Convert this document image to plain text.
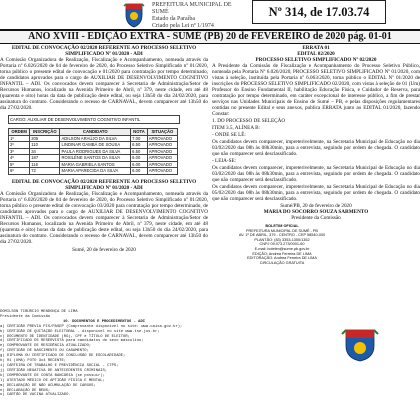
PREFEITURA MUNICIPAL DE SUMÉ
Estado da Paraíba
Criado pela Lei nº 1/1974
Nº 314, de 17.03.74
ANO XVIII - EDIÇÃO EXTRA - SUMÉ (PB) 20 de FEVEREIRO de 2020 pág. 01-01
EDITAL DE CONVOCAÇÃO 02/2020 REFERENTE AO PROCESSO SELETIVO SIMPLIFICADO Nº 01/2020 - ADI

A Comissão Organizadora de Realização, Fiscalização e Acompanhamento, nomeada através da Portaria nº 6.026/2020 de 04 de fevereiro de 2020, do Processo Seletivo Simplificado nº 01/2020, torna público o presente edital de convocação e 01/2020 para contratação por tempo determinado, de candidatos aprovados para o cargo de AUXILIAR DE DESENVOLVIMENTO COGNITIVO INFANTIL – ADI. Os convocados devem comparecer à Secretaria de Administração/Setor de Recursos Humanos, localizado na Avenida Primeiro de Abril, nº 379, neste cidade, em até 48 (quarenta e oito) horas da data de publicação deste edital, ou seja 13h50 do dia 24/02/2020, para assinatura do contrato. Considerando o recesso de CARNAVAL, devem comparecer até 13h50 do dia 27/02/2020.

CARGO: AUXILIAR DE DESENVOLVIMENTO COGNITIVO INFANTIL
ORDEM	INSCRIÇÃO	CANDIDATO	NOTA	SITUAÇÃO
1º	205	ADILSON ARAÚJO DA SILVA	7.00	APROVADO
2º	110	LINDINAR GAMBÁ DE SOUSA	6.50	APROVADO
3º	34	PAULA RODRIGUES DA SILVA	6.50	APROVADO
4º	187	ROSILÉNE SANTOS DA SILVA	6.00	APROVADO
5º	116	MARIA GABRIELA SANTOS	6.00	APROVADO
6º	72	MARIA APARECIDA DA SILVA	6.00	APROVADO
EDITAL DE CONVOCAÇÃO 02/2020 REFERENTE AO PROCESSO SELETIVO SIMPLIFICADO Nº 01/2020 - ADI

A Comissão Organizadora de Realização, Fiscalização e Acompanhamento, nomeada através da Portaria nº 6.026/2020 de 04 de fevereiro de 2020, do Processo Seletivo Simplificado nº 01/2020, torna público o presente edital de convocação 03/2020 para contratação por tempo determinado, de candidatos aprovados para o cargo de AUXILIAR DE DESENVOLVIMENTO COGNITIVO INFANTIL – ADI. Os convocados devem comparecer à Secretaria de Administração/Setor de Recursos Humanos, localizado na Avenida Primeiro de Abril, nº 379, neste cidade, em até 48 (quarenta e oito) horas da data de publicação deste edital, ou seja 13h50 do dia 24/02/2020, para assinatura do contrato. Considerando o recesso de CARNAVAL, devem comparecer até 13h50 do dia 27/02/2020.

Sumé, 20 de fevereiro de 2020
DOMILSON TIBÚRCIO MENDONÇA DE LIMA
Presidente da Comissão
10. DOCUMENTOS E PROCEDIMENTOS - ADI
a) CERTIDÃO PREVIA PIS/PASEP (Comprovante disponível no site: www.caixa.gov.br);
b) CERTIDÃO DE QUITAÇÃO ELEITORAL - disponível no site www.tse.jus.br;
c) DOCUMENTO DE IDENTIDADE (RG), CPF e TÍTULO DE ELEITOR;
d) CERTIFICADO DE RESERVISTA para candidatos do sexo masculino;
e) COMPROVANTE DE RESIDÊNCIA ATUALIZADO;
f) CERTIDÃO DE NASCIMENTO OU CASAMENTO;
g) DIPLOMA OU CERTIFICADO DE CONCLUSÃO DE ESCOLARIDADE;
h) 01 (UMA) FOTO 3x4 RECENTE;
i) CARTEIRA DE TRABALHO E PREVIDÊNCIA SOCIAL - CTPS;
j) CERTIDÃO NEGATIVA DE ANTECEDENTES CRIMINAIS;
k) COMPROVANTE DE CONTA BANCÁRIA (se possuir);
l) ATESTADO MÉDICO DE APTIDÃO FÍSICA E MENTAL;
m) DECLARAÇÃO DE NÃO ACUMULAÇÃO DE CARGOS;
n) DECLARAÇÃO DE BENS;
o) CARTÃO DE VACINA ATUALIZADO.
ERRATA 01
EDITAL 02/2020
PROCESSO SELETIVO SIMPLIFICADO Nº 02/2020

A Presidente da Comissão de Fiscalização e Acompanhamento do Processo Seletivo Público, nomeada pela Portaria Nº 6.026/2020, PROCESSO SELETIVO SIMPLIFICADO Nº 01/2020, com vistas à seleção, instituída pela Portaria nº 6.063/2020, torna público o EDITAL Nº 01/2020 de inscrições do PROCESSO SELETIVO SIMPLIFICADO 02/2020, com vistas à seleção de 01 (Um) Professor do Ensino Fundamental II, habilitação Educação Física, e Cuidador de Reserva, para contratação por tempo determinado, em caráter excepcional de interesse público, a fim de prestar serviços nas Unidades Municipais de Ensino de Sumé – PB, e pelas disposições regulamentares contidas no presente Edital e seus anexos, publica ERRATA junto ao EDITAL 01/2020, fazendo Constar:

1. DO PROCESSO DE SELEÇÃO

ITEM 3.5, ALÍNEA B:

- ONDE SE LÊ:

Os candidatos devem comparecer, impreterivelmente, na Secretaria Municipal de Educação no dia 03/02/2020 das 08h às 08h30min, para a entrevista, seguindo por ordem de chegada. O candidato que não comparecer será desclassificado.

- LEIA-SE:

Os candidatos devem comparecer, impreterivelmente, na Secretaria Municipal de Educação no dia 03/02/2020 das 08h às 08h30min, para a entrevista, seguindo por ordem de chegada. O candidato que não comparecer será desclassificado.

Os candidatos devem comparecer, impreterivelmente, na Secretaria Municipal de Educação no dia 05/02/2020 das 08h às 08h30min, para a entrevista, seguindo por ordem de chegada. O candidato que não comparecer será desclassificado.

Sumé/PB, 20 de fevereiro de 2020
MARIA DO SOCORRO SOUZA SARMENTO
Presidente da Comissão
BOLETIM OFICIAL
PREFEITURA MUNICIPAL DE SUMÉ - PB
AV. 1º DE ABRIL, 379 - CENTRO - CEP 58540-000
PLANTÃO: (83) 3353-1350/1352
CNPJ 09.073.273/0001-60
E-mail: boletim@sume.pb.gov.br
EDIÇÃO: Andrea Ferreira DE LIMA
EDITORAÇÃO: Andrea Ferreira DE LIMA
CIRCULAÇÃO GRATUITA
